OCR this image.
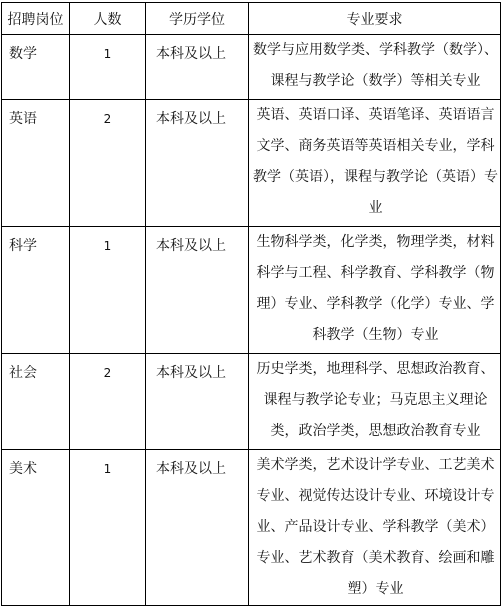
招聘岗位	人数	学历学位	专业要求

数学	1	本科及以上	数学与应用数学类、学科教学（数学）、课程与教学论（数学）等相关专业

英语	2	本科及以上	英语、英语口译、英语笔译、英语语言文学、商务英语等英语相关专业，学科教学（英语），课程与教学论（英语）专业

科学	1	本科及以上	生物科学类，化学类，物理学类，材料科学与工程、科学教育、学科教学（物理）专业、学科教学（化学）专业、学科教学（生物）专业

社会	2	本科及以上	历史学类，地理科学、思想政治教育、课程与教学论专业；马克思主义理论类，政治学类，思想政治教育专业

美术	1	本科及以上	美术学类，艺术设计学专业、工艺美术专业、视觉传达设计专业、环境设计专业、产品设计专业、学科教学（美术）专业、艺术教育（美术教育、绘画和雕塑）专业
